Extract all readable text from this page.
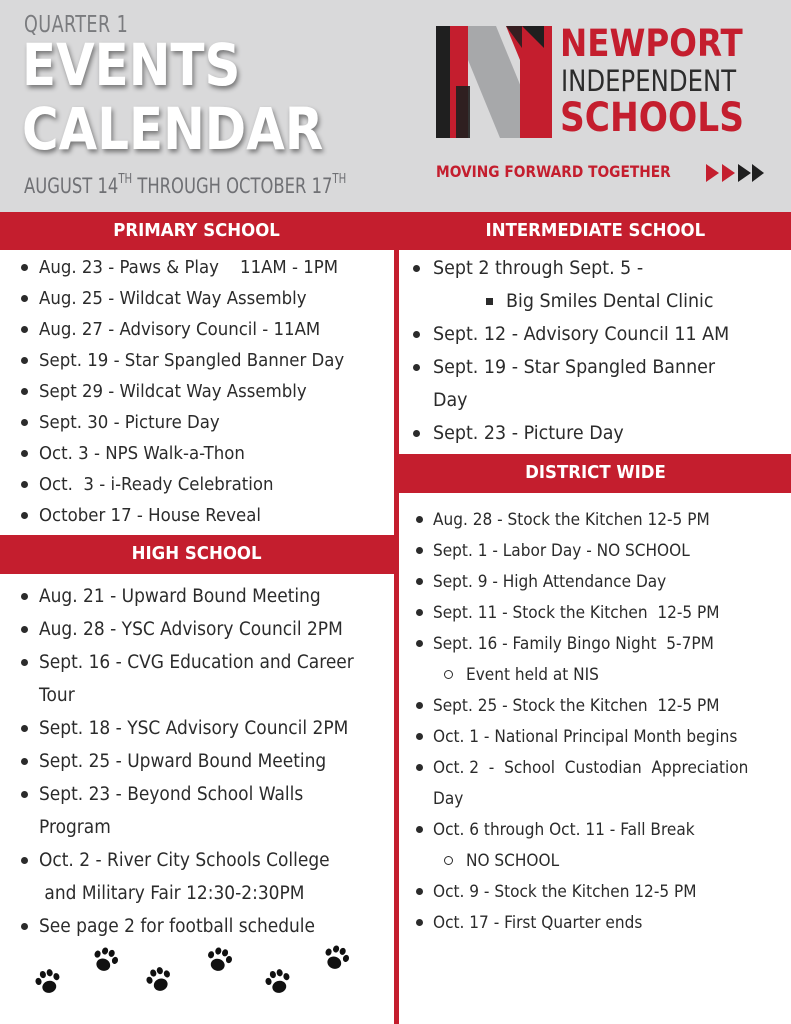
QUARTER 1
EVENTS
CALENDAR
AUGUST 14TH THROUGH OCTOBER 17TH
NEWPORT
INDEPENDENT
SCHOOLS
MOVING FORWARD TOGETHER
PRIMARY SCHOOL	INTERMEDIATE SCHOOL
HIGH SCHOOL
DISTRICT WIDE
Aug. 23 - Paws & Play    11AM - 1PM
Aug. 25 - Wildcat Way Assembly
Aug. 27 - Advisory Council - 11AM
Sept. 19 - Star Spangled Banner Day
Sept 29 - Wildcat Way Assembly
Sept. 30 - Picture Day
Oct. 3 - NPS Walk-a-Thon
Oct.  3 - i-Ready Celebration
October 17 - House Reveal
Sept 2 through Sept. 5 -
Big Smiles Dental Clinic
Sept. 12 - Advisory Council 11 AM
Sept. 19 - Star Spangled Banner
Day
Sept. 23 - Picture Day
Aug. 21 - Upward Bound Meeting
Aug. 28 - YSC Advisory Council 2PM
Sept. 16 - CVG Education and Career
Tour
Sept. 18 - YSC Advisory Council 2PM
Sept. 25 - Upward Bound Meeting
Sept. 23 - Beyond School Walls
Program
Oct. 2 - River City Schools College
and Military Fair 12:30-2:30PM
See page 2 for football schedule
Aug. 28 - Stock the Kitchen 12-5 PM
Sept. 1 - Labor Day - NO SCHOOL
Sept. 9 - High Attendance Day
Sept. 11 - Stock the Kitchen  12-5 PM
Sept. 16 - Family Bingo Night  5-7PM
Event held at NIS
Sept. 25 - Stock the Kitchen  12-5 PM
Oct. 1 - National Principal Month begins
Oct. 2  -  School  Custodian  Appreciation
Day
Oct. 6 through Oct. 11 - Fall Break
NO SCHOOL
Oct. 9 - Stock the Kitchen 12-5 PM
Oct. 17 - First Quarter ends
